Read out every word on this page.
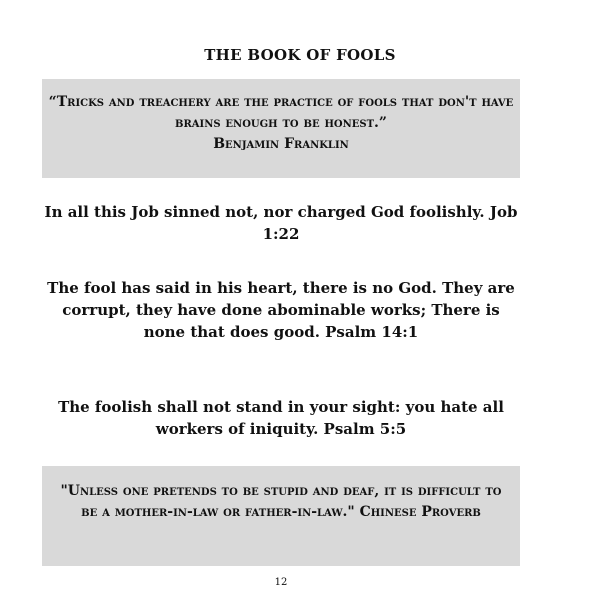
THE BOOK OF FOOLS
“Tricks and treachery are the practice of fools that don't have brains enough to be honest.”
Benjamin Franklin
In all this Job sinned not, nor charged God foolishly. Job 1:22
The fool has said in his heart, there is no God. They are corrupt, they have done abominable works; There is none that does good. Psalm 14:1
The foolish shall not stand in your sight: you hate all workers of iniquity. Psalm 5:5
"Unless one pretends to be stupid and deaf, it is difficult to be a mother-in-law or father-in-law." Chinese Proverb
12
